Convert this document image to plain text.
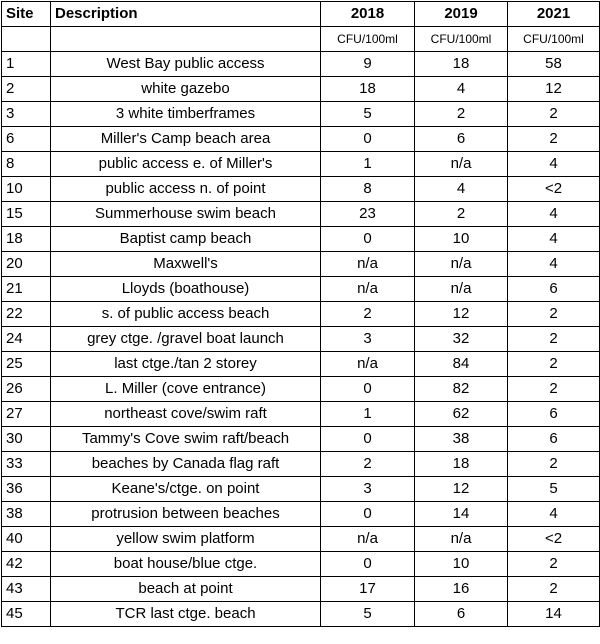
Site	Description	2018	2019	2021
		CFU/100ml	CFU/100ml	CFU/100ml
1	West Bay public access	9	18	58
2	white gazebo	18	4	12
3	3 white timberframes	5	2	2
6	Miller's Camp beach area	0	6	2
8	public access e. of Miller's	1	n/a	4
10	public access n. of point	8	4	<2
15	Summerhouse swim beach	23	2	4
18	Baptist camp beach	0	10	4
20	Maxwell's	n/a	n/a	4
21	Lloyds (boathouse)	n/a	n/a	6
22	s. of public access beach	2	12	2
24	grey ctge. /gravel boat launch	3	32	2
25	last ctge./tan 2 storey	n/a	84	2
26	L. Miller (cove entrance)	0	82	2
27	northeast cove/swim raft	1	62	6
30	Tammy's Cove swim raft/beach	0	38	6
33	beaches by Canada flag raft	2	18	2
36	Keane's/ctge. on point	3	12	5
38	protrusion between beaches	0	14	4
40	yellow swim platform	n/a	n/a	<2
42	boat house/blue ctge.	0	10	2
43	beach at point	17	16	2
45	TCR last ctge. beach	5	6	14
